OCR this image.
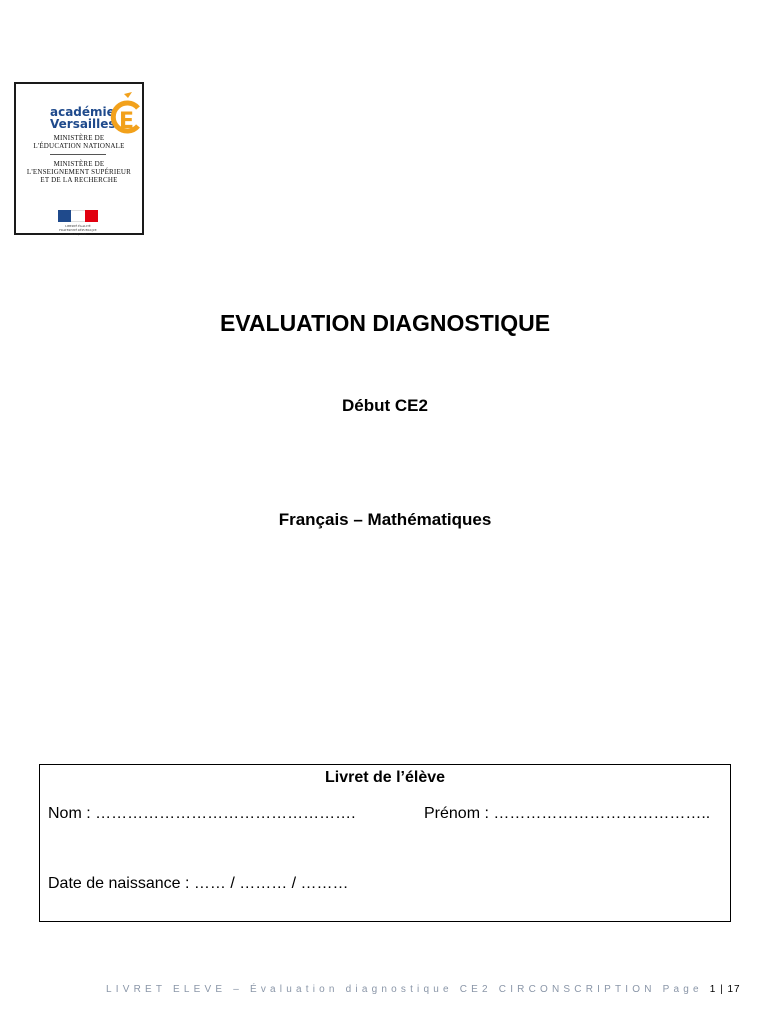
académie
Versailles E
MINISTÈRE DE
L'ÉDUCATION NATIONALE
MINISTÈRE DE
L'ENSEIGNEMENT SUPÉRIEUR
ET DE LA RECHERCHE
LIBERTÉ ÉGALITÉ FRATERNITÉ RÉPUBLIQUE FRANÇAISE
EVALUATION DIAGNOSTIQUE
Début CE2
Français – Mathématiques
Livret de l’élève
Nom : ………………………………………….	Prénom : …………………………………..
Date de naissance : …… / ……… / ………
LIVRET ELEVE – Évaluation diagnostique CE2 CIRCONSCRIPTION Page 1 | 17
